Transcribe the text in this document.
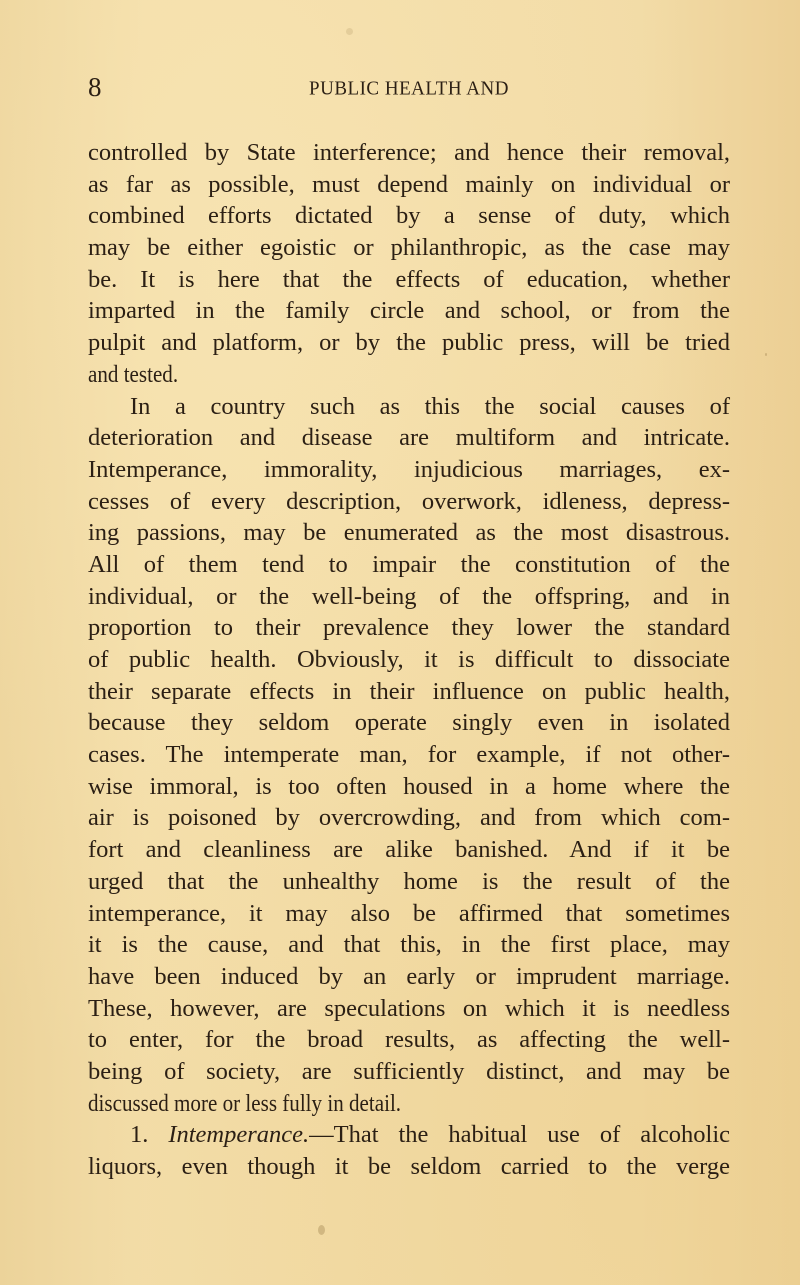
8	PUBLIC HEALTH AND
controlled by State interference; and hence their removal,
as far as possible, must depend mainly on individual or
combined efforts dictated by a sense of duty, which
may be either egoistic or philanthropic, as the case may
be. It is here that the effects of education, whether
imparted in the family circle and school, or from the
pulpit and platform, or by the public press, will be tried
and tested.
In a country such as this the social causes of
deterioration and disease are multiform and intricate.
Intemperance, immorality, injudicious marriages, ex-
cesses of every description, overwork, idleness, depress-
ing passions, may be enumerated as the most disastrous.
All of them tend to impair the constitution of the
individual, or the well-being of the offspring, and in
proportion to their prevalence they lower the standard
of public health. Obviously, it is difficult to dissociate
their separate effects in their influence on public health,
because they seldom operate singly even in isolated
cases. The intemperate man, for example, if not other-
wise immoral, is too often housed in a home where the
air is poisoned by overcrowding, and from which com-
fort and cleanliness are alike banished. And if it be
urged that the unhealthy home is the result of the
intemperance, it may also be affirmed that sometimes
it is the cause, and that this, in the first place, may
have been induced by an early or imprudent marriage.
These, however, are speculations on which it is needless
to enter, for the broad results, as affecting the well-
being of society, are sufficiently distinct, and may be
discussed more or less fully in detail.
1. Intemperance.—That the habitual use of alcoholic
liquors, even though it be seldom carried to the verge
